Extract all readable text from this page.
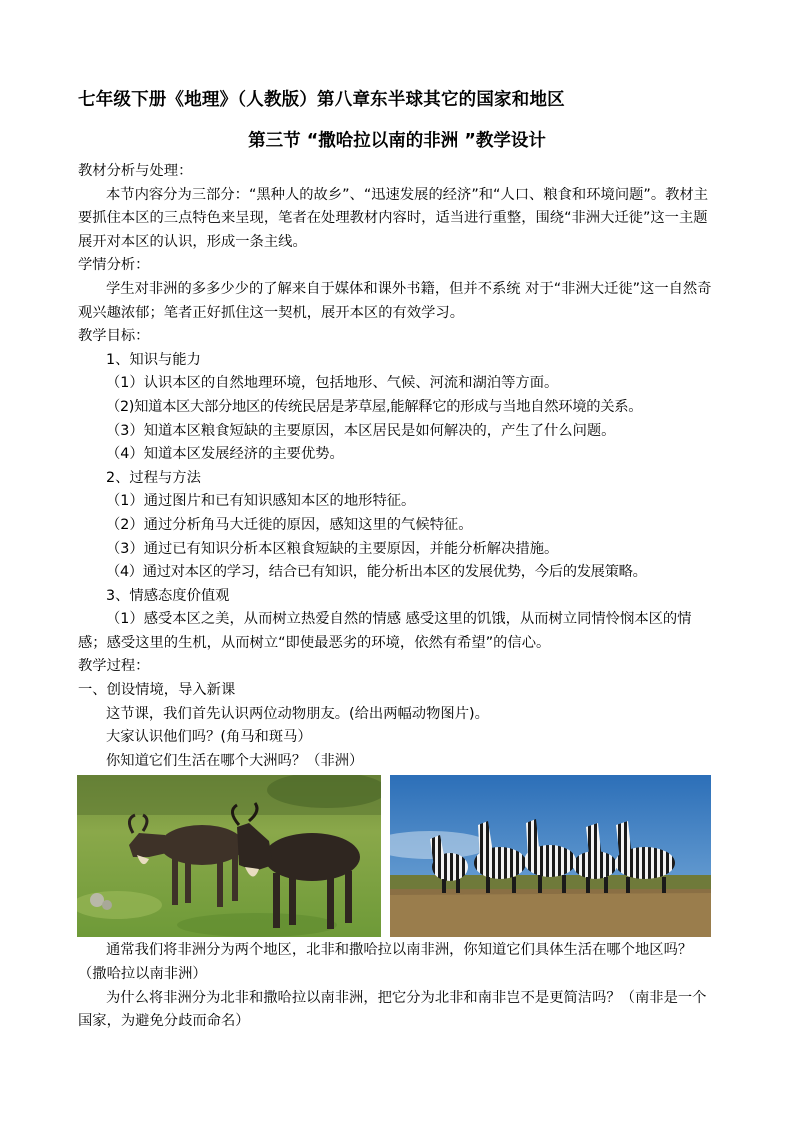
七年级下册《地理》（人教版）第八章东半球其它的国家和地区
第三节 “撒哈拉以南的非洲 ”教学设计

教材分析与处理：

本节内容分为三部分：“黑种人的故乡”、“迅速发展的经济”和“人口、粮食和环境问题”。教材主要抓住本区的三点特色来呈现，笔者在处理教材内容时，适当进行重整，围绕“非洲大迁徙”这一主题展开对本区的认识，形成一条主线。

学情分析：

学生对非洲的多多少少的了解来自于媒体和课外书籍，但并不系统 对于“非洲大迁徙”这一自然奇观兴趣浓郁；笔者正好抓住这一契机，展开本区的有效学习。

教学目标：

1、知识与能力

（1）认识本区的自然地理环境，包括地形、气候、河流和湖泊等方面。

（2)知道本区大部分地区的传统民居是茅草屋,能解释它的形成与当地自然环境的关系。

（3）知道本区粮食短缺的主要原因，本区居民是如何解决的，产生了什么问题。

（4）知道本区发展经济的主要优势。

2、过程与方法

（1）通过图片和已有知识感知本区的地形特征。

（2）通过分析角马大迁徙的原因，感知这里的气候特征。

（3）通过已有知识分析本区粮食短缺的主要原因，并能分析解决措施。

（4）通过对本区的学习，结合已有知识，能分析出本区的发展优势，今后的发展策略。

3、情感态度价值观

（1）感受本区之美，从而树立热爱自然的情感 感受这里的饥饿，从而树立同情怜悯本区的情感；感受这里的生机，从而树立“即使最恶劣的环境，依然有希望”的信心。

教学过程：

一、创设情境，导入新课

这节课，我们首先认识两位动物朋友。(给出两幅动物图片)。

大家认识他们吗？(角马和斑马）

你知道它们生活在哪个大洲吗？（非洲）

通常我们将非洲分为两个地区，北非和撒哈拉以南非洲，你知道它们具体生活在哪个地区吗？（撒哈拉以南非洲）

为什么将非洲分为北非和撒哈拉以南非洲，把它分为北非和南非岂不是更简洁吗？（南非是一个国家，为避免分歧而命名）
